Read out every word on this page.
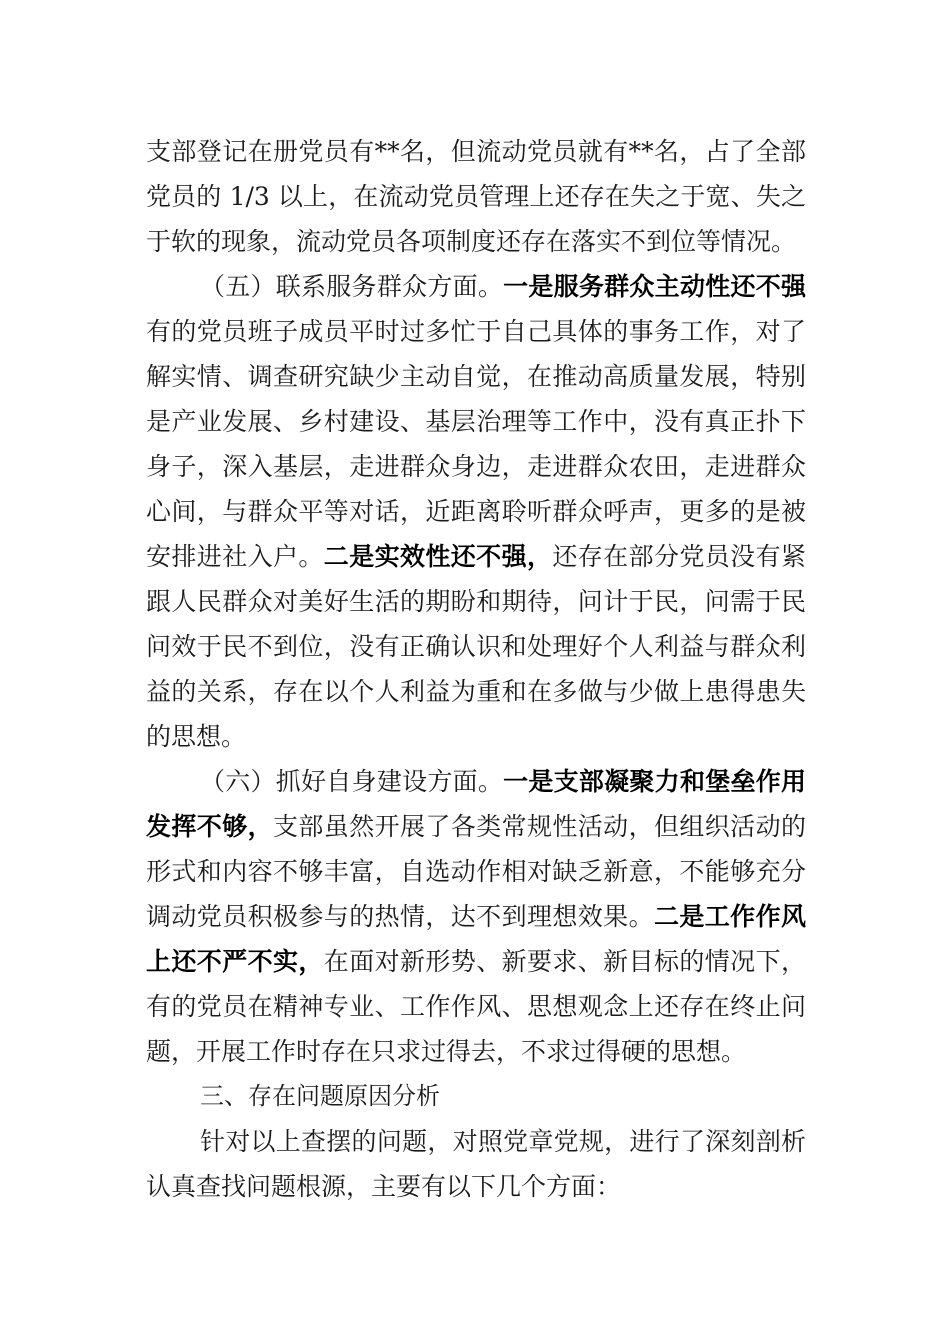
支部登记在册党员有**名，但流动党员就有**名，占了全部
党员的 1/3 以上，在流动党员管理上还存在失之于宽、失之
于软的现象，流动党员各项制度还存在落实不到位等情况。
（五）联系服务群众方面。一是服务群众主动性还不强
有的党员班子成员平时过多忙于自己具体的事务工作，对了
解实情、调查研究缺少主动自觉，在推动高质量发展，特别
是产业发展、乡村建设、基层治理等工作中，没有真正扑下
身子，深入基层，走进群众身边，走进群众农田，走进群众
心间，与群众平等对话，近距离聆听群众呼声，更多的是被
安排进社入户。二是实效性还不强，还存在部分党员没有紧
跟人民群众对美好生活的期盼和期待，问计于民，问需于民
问效于民不到位，没有正确认识和处理好个人利益与群众利
益的关系，存在以个人利益为重和在多做与少做上患得患失
的思想。
（六）抓好自身建设方面。一是支部凝聚力和堡垒作用
发挥不够，支部虽然开展了各类常规性活动，但组织活动的
形式和内容不够丰富，自选动作相对缺乏新意，不能够充分
调动党员积极参与的热情，达不到理想效果。二是工作作风
上还不严不实，在面对新形势、新要求、新目标的情况下，
有的党员在精神专业、工作作风、思想观念上还存在终止问
题，开展工作时存在只求过得去，不求过得硬的思想。
三、存在问题原因分析
针对以上查摆的问题，对照党章党规，进行了深刻剖析
认真查找问题根源，主要有以下几个方面：
